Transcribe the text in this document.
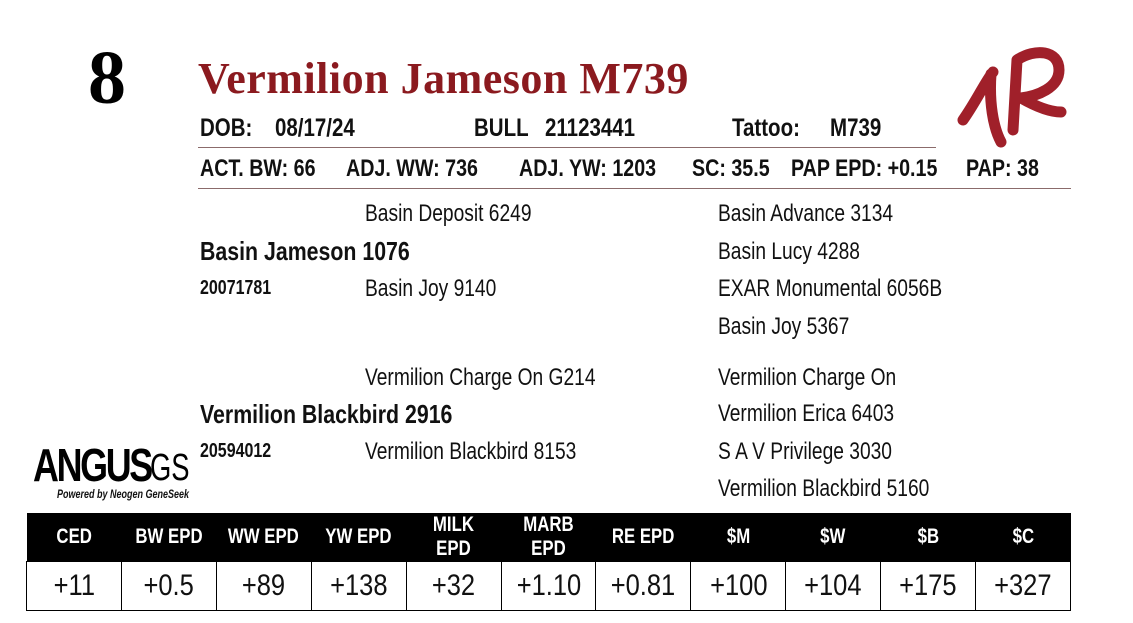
8 Vermilion Jameson M739
DOB: 08/17/24	BULL 21123441	Tattoo: M739
ACT. BW: 66 ADJ. WW: 736 ADJ. YW: 1203 SC: 35.5 PAP EPD: +0.15 PAP: 38
Basin Deposit 6249
Basin Jameson 1076
20071781	Basin Joy 9140
Basin Advance 3134
Basin Lucy 4288
EXAR Monumental 6056B
Basin Joy 5367
Vermilion Charge On G214
Vermilion Blackbird 2916
20594012	Vermilion Blackbird 8153
Vermilion Charge On
Vermilion Erica 6403
S A V Privilege 3030
Vermilion Blackbird 5160
ANGUS GS
Powered by Neogen GeneSeek
CED	BW EPD	WW EPD	YW EPD	MILK EPD	MARB EPD	RE EPD	$M	$W	$B	$C
+11	+0.5	+89	+138	+32	+1.10	+0.81	+100	+104	+175	+327
